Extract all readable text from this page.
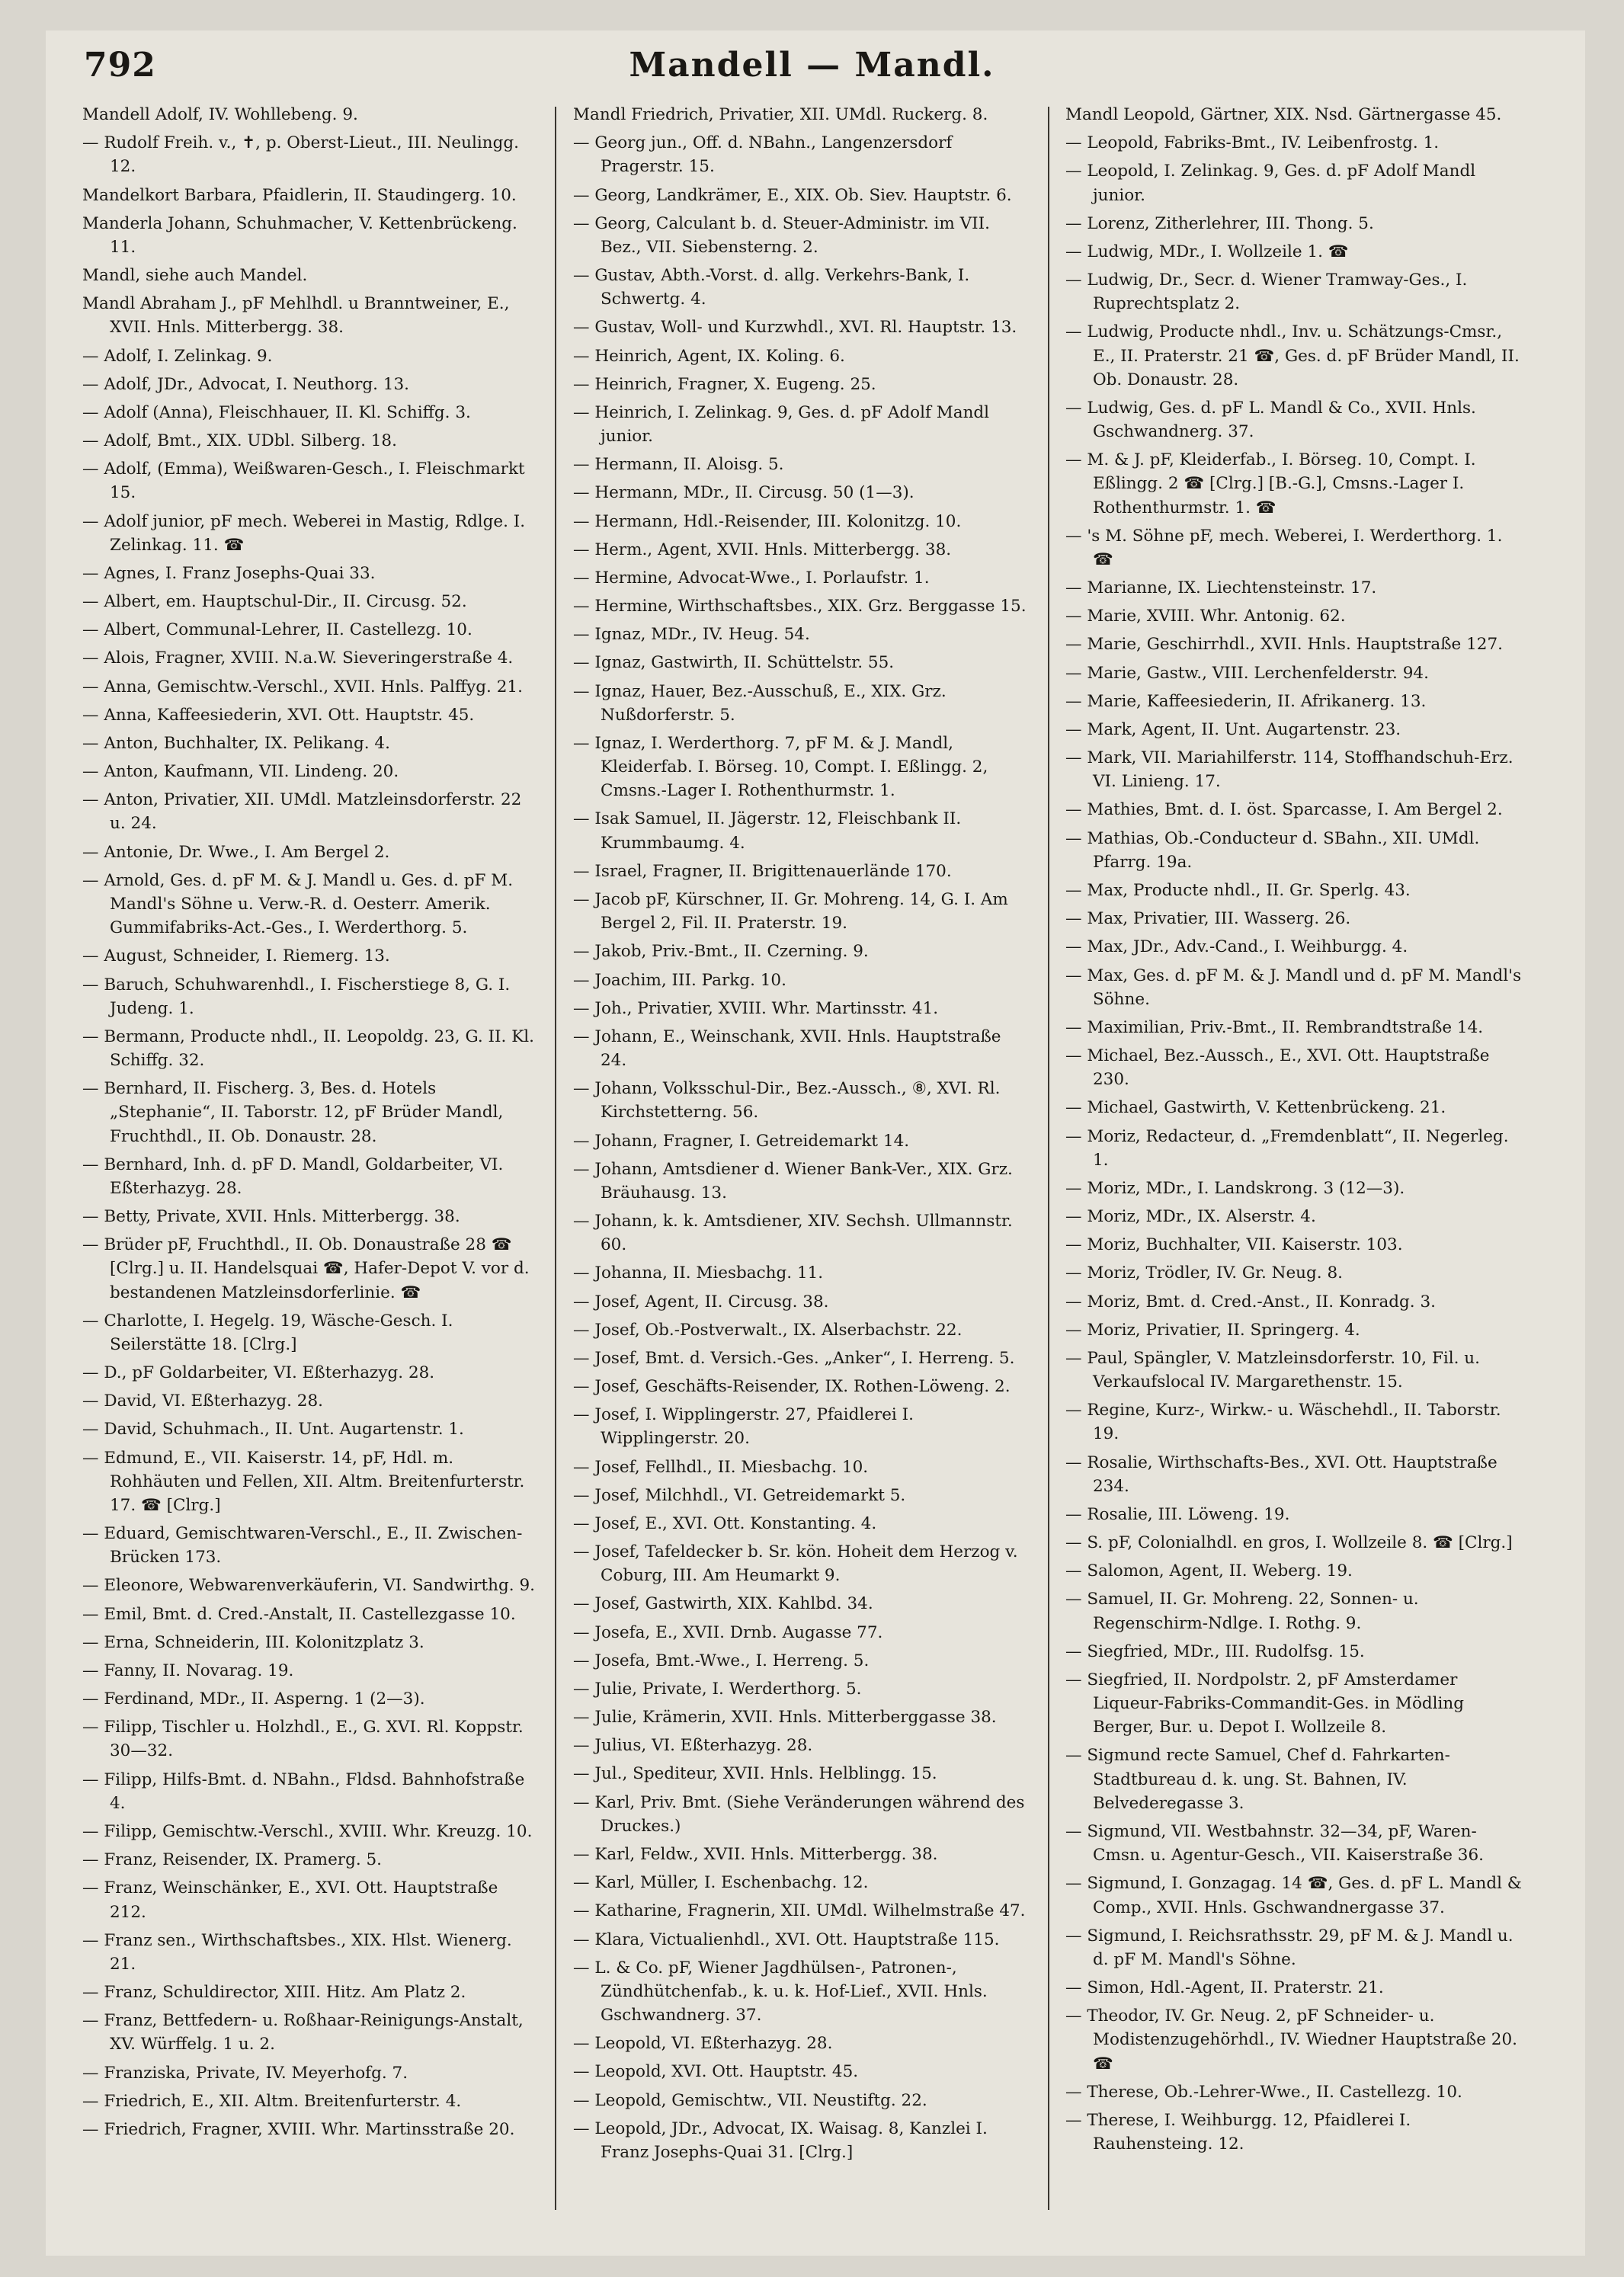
792	Mandell — Mandl.

Mandell Adolf, IV. Wohllebeng. 9.

— Rudolf Freih. v., ✝, p. Oberst-Lieut., III. Neulingg. 12.

Mandelkort Barbara, Pfaidlerin, II. Staudingerg. 10.

Manderla Johann, Schuhmacher, V. Kettenbrückeng. 11.

Mandl, siehe auch Mandel.

Mandl Abraham J., pF Mehlhdl. u Branntweiner, E., XVII. Hnls. Mitterbergg. 38.

— Adolf, I. Zelinkag. 9.

— Adolf, JDr., Advocat, I. Neuthorg. 13.

— Adolf (Anna), Fleischhauer, II. Kl. Schiffg. 3.

— Adolf, Bmt., XIX. UDbl. Silberg. 18.

— Adolf, (Emma), Weißwaren-Gesch., I. Fleischmarkt 15.

— Adolf junior, pF mech. Weberei in Mastig, Rdlge. I. Zelinkag. 11. ☎

— Agnes, I. Franz Josephs-Quai 33.

— Albert, em. Hauptschul-Dir., II. Circusg. 52.

— Albert, Communal-Lehrer, II. Castellezg. 10.

— Alois, Fragner, XVIII. N.a.W. Sieveringerstraße 4.

— Anna, Gemischtw.-Verschl., XVII. Hnls. Palffyg. 21.

— Anna, Kaffeesiederin, XVI. Ott. Hauptstr. 45.

— Anton, Buchhalter, IX. Pelikang. 4.

— Anton, Kaufmann, VII. Lindeng. 20.

— Anton, Privatier, XII. UMdl. Matzleinsdorferstr. 22 u. 24.

— Antonie, Dr. Wwe., I. Am Bergel 2.

— Arnold, Ges. d. pF M. & J. Mandl u. Ges. d. pF M. Mandl's Söhne u. Verw.-R. d. Oesterr. Amerik. Gummifabriks-Act.-Ges., I. Werderthorg. 5.

— August, Schneider, I. Riemerg. 13.

— Baruch, Schuhwarenhdl., I. Fischerstiege 8, G. I. Judeng. 1.

— Bermann, Producte nhdl., II. Leopoldg. 23, G. II. Kl. Schiffg. 32.

— Bernhard, II. Fischerg. 3, Bes. d. Hotels „Stephanie“, II. Taborstr. 12, pF Brüder Mandl, Fruchthdl., II. Ob. Donaustr. 28.

— Bernhard, Inh. d. pF D. Mandl, Goldarbeiter, VI. Eßterhazyg. 28.

— Betty, Private, XVII. Hnls. Mitterbergg. 38.

— Brüder pF, Fruchthdl., II. Ob. Donaustraße 28 ☎ [Clrg.] u. II. Handelsquai ☎, Hafer-Depot V. vor d. bestandenen Matzleinsdorferlinie. ☎

— Charlotte, I. Hegelg. 19, Wäsche-Gesch. I. Seilerstätte 18. [Clrg.]

— D., pF Goldarbeiter, VI. Eßterhazyg. 28.

— David, VI. Eßterhazyg. 28.

— David, Schuhmach., II. Unt. Augartenstr. 1.

— Edmund, E., VII. Kaiserstr. 14, pF, Hdl. m. Rohhäuten und Fellen, XII. Altm. Breitenfurterstr. 17. ☎ [Clrg.]

— Eduard, Gemischtwaren-Verschl., E., II. Zwischen-Brücken 173.

— Eleonore, Webwarenverkäuferin, VI. Sandwirthg. 9.

— Emil, Bmt. d. Cred.-Anstalt, II. Castellezgasse 10.

— Erna, Schneiderin, III. Kolonitzplatz 3.

— Fanny, II. Novarag. 19.

— Ferdinand, MDr., II. Asperng. 1 (2—3).

— Filipp, Tischler u. Holzhdl., E., G. XVI. Rl. Koppstr. 30—32.

— Filipp, Hilfs-Bmt. d. NBahn., Fldsd. Bahnhofstraße 4.

— Filipp, Gemischtw.-Verschl., XVIII. Whr. Kreuzg. 10.

— Franz, Reisender, IX. Pramerg. 5.

— Franz, Weinschänker, E., XVI. Ott. Hauptstraße 212.

— Franz sen., Wirthschaftsbes., XIX. Hlst. Wienerg. 21.

— Franz, Schuldirector, XIII. Hitz. Am Platz 2.

— Franz, Bettfedern- u. Roßhaar-Reinigungs-Anstalt, XV. Würffelg. 1 u. 2.

— Franziska, Private, IV. Meyerhofg. 7.

— Friedrich, E., XII. Altm. Breitenfurterstr. 4.

— Friedrich, Fragner, XVIII. Whr. Martinsstraße 20.

Mandl Friedrich, Privatier, XII. UMdl. Ruckerg. 8.

— Georg jun., Off. d. NBahn., Langenzersdorf Pragerstr. 15.

— Georg, Landkrämer, E., XIX. Ob. Siev. Hauptstr. 6.

— Georg, Calculant b. d. Steuer-Administr. im VII. Bez., VII. Siebensterng. 2.

— Gustav, Abth.-Vorst. d. allg. Verkehrs-Bank, I. Schwertg. 4.

— Gustav, Woll- und Kurzwhdl., XVI. Rl. Hauptstr. 13.

— Heinrich, Agent, IX. Koling. 6.

— Heinrich, Fragner, X. Eugeng. 25.

— Heinrich, I. Zelinkag. 9, Ges. d. pF Adolf Mandl junior.

— Hermann, II. Aloisg. 5.

— Hermann, MDr., II. Circusg. 50 (1—3).

— Hermann, Hdl.-Reisender, III. Kolonitzg. 10.

— Herm., Agent, XVII. Hnls. Mitterbergg. 38.

— Hermine, Advocat-Wwe., I. Porlaufstr. 1.

— Hermine, Wirthschaftsbes., XIX. Grz. Berggasse 15.

— Ignaz, MDr., IV. Heug. 54.

— Ignaz, Gastwirth, II. Schüttelstr. 55.

— Ignaz, Hauer, Bez.-Ausschuß, E., XIX. Grz. Nußdorferstr. 5.

— Ignaz, I. Werderthorg. 7, pF M. & J. Mandl, Kleiderfab. I. Börseg. 10, Compt. I. Eßlingg. 2, Cmsns.-Lager I. Rothenthurmstr. 1.

— Isak Samuel, II. Jägerstr. 12, Fleischbank II. Krummbaumg. 4.

— Israel, Fragner, II. Brigittenauerlände 170.

— Jacob pF, Kürschner, II. Gr. Mohreng. 14, G. I. Am Bergel 2, Fil. II. Praterstr. 19.

— Jakob, Priv.-Bmt., II. Czerning. 9.

— Joachim, III. Parkg. 10.

— Joh., Privatier, XVIII. Whr. Martinsstr. 41.

— Johann, E., Weinschank, XVII. Hnls. Hauptstraße 24.

— Johann, Volksschul-Dir., Bez.-Aussch., ⑧, XVI. Rl. Kirchstetterng. 56.

— Johann, Fragner, I. Getreidemarkt 14.

— Johann, Amtsdiener d. Wiener Bank-Ver., XIX. Grz. Bräuhausg. 13.

— Johann, k. k. Amtsdiener, XIV. Sechsh. Ullmannstr. 60.

— Johanna, II. Miesbachg. 11.

— Josef, Agent, II. Circusg. 38.

— Josef, Ob.-Postverwalt., IX. Alserbachstr. 22.

— Josef, Bmt. d. Versich.-Ges. „Anker“, I. Herreng. 5.

— Josef, Geschäfts-Reisender, IX. Rothen-Löweng. 2.

— Josef, I. Wipplingerstr. 27, Pfaidlerei I. Wipplingerstr. 20.

— Josef, Fellhdl., II. Miesbachg. 10.

— Josef, Milchhdl., VI. Getreidemarkt 5.

— Josef, E., XVI. Ott. Konstanting. 4.

— Josef, Tafeldecker b. Sr. kön. Hoheit dem Herzog v. Coburg, III. Am Heumarkt 9.

— Josef, Gastwirth, XIX. Kahlbd. 34.

— Josefa, E., XVII. Drnb. Augasse 77.

— Josefa, Bmt.-Wwe., I. Herreng. 5.

— Julie, Private, I. Werderthorg. 5.

— Julie, Krämerin, XVII. Hnls. Mitterberggasse 38.

— Julius, VI. Eßterhazyg. 28.

— Jul., Spediteur, XVII. Hnls. Helblingg. 15.

— Karl, Priv. Bmt. (Siehe Veränderungen während des Druckes.)

— Karl, Feldw., XVII. Hnls. Mitterbergg. 38.

— Karl, Müller, I. Eschenbachg. 12.

— Katharine, Fragnerin, XII. UMdl. Wilhelmstraße 47.

— Klara, Victualienhdl., XVI. Ott. Hauptstraße 115.

— L. & Co. pF, Wiener Jagdhülsen-, Patronen-, Zündhütchenfab., k. u. k. Hof-Lief., XVII. Hnls. Gschwandnerg. 37.

— Leopold, VI. Eßterhazyg. 28.

— Leopold, XVI. Ott. Hauptstr. 45.

— Leopold, Gemischtw., VII. Neustiftg. 22.

— Leopold, JDr., Advocat, IX. Waisag. 8, Kanzlei I. Franz Josephs-Quai 31. [Clrg.]

Mandl Leopold, Gärtner, XIX. Nsd. Gärtnergasse 45.

— Leopold, Fabriks-Bmt., IV. Leibenfrostg. 1.

— Leopold, I. Zelinkag. 9, Ges. d. pF Adolf Mandl junior.

— Lorenz, Zitherlehrer, III. Thong. 5.

— Ludwig, MDr., I. Wollzeile 1. ☎

— Ludwig, Dr., Secr. d. Wiener Tramway-Ges., I. Ruprechtsplatz 2.

— Ludwig, Producte nhdl., Inv. u. Schätzungs-Cmsr., E., II. Praterstr. 21 ☎, Ges. d. pF Brüder Mandl, II. Ob. Donaustr. 28.

— Ludwig, Ges. d. pF L. Mandl & Co., XVII. Hnls. Gschwandnerg. 37.

— M. & J. pF, Kleiderfab., I. Börseg. 10, Compt. I. Eßlingg. 2 ☎ [Clrg.] [B.-G.], Cmsns.-Lager I. Rothenthurmstr. 1. ☎

— 's M. Söhne pF, mech. Weberei, I. Werderthorg. 1. ☎

— Marianne, IX. Liechtensteinstr. 17.

— Marie, XVIII. Whr. Antonig. 62.

— Marie, Geschirrhdl., XVII. Hnls. Hauptstraße 127.

— Marie, Gastw., VIII. Lerchenfelderstr. 94.

— Marie, Kaffeesiederin, II. Afrikanerg. 13.

— Mark, Agent, II. Unt. Augartenstr. 23.

— Mark, VII. Mariahilferstr. 114, Stoffhandschuh-Erz. VI. Linieng. 17.

— Mathies, Bmt. d. I. öst. Sparcasse, I. Am Bergel 2.

— Mathias, Ob.-Conducteur d. SBahn., XII. UMdl. Pfarrg. 19a.

— Max, Producte nhdl., II. Gr. Sperlg. 43.

— Max, Privatier, III. Wasserg. 26.

— Max, JDr., Adv.-Cand., I. Weihburgg. 4.

— Max, Ges. d. pF M. & J. Mandl und d. pF M. Mandl's Söhne.

— Maximilian, Priv.-Bmt., II. Rembrandtstraße 14.

— Michael, Bez.-Aussch., E., XVI. Ott. Hauptstraße 230.

— Michael, Gastwirth, V. Kettenbrückeng. 21.

— Moriz, Redacteur, d. „Fremdenblatt“, II. Negerleg. 1.

— Moriz, MDr., I. Landskrong. 3 (12—3).

— Moriz, MDr., IX. Alserstr. 4.

— Moriz, Buchhalter, VII. Kaiserstr. 103.

— Moriz, Trödler, IV. Gr. Neug. 8.

— Moriz, Bmt. d. Cred.-Anst., II. Konradg. 3.

— Moriz, Privatier, II. Springerg. 4.

— Paul, Spängler, V. Matzleinsdorferstr. 10, Fil. u. Verkaufslocal IV. Margarethenstr. 15.

— Regine, Kurz-, Wirkw.- u. Wäschehdl., II. Taborstr. 19.

— Rosalie, Wirthschafts-Bes., XVI. Ott. Hauptstraße 234.

— Rosalie, III. Löweng. 19.

— S. pF, Colonialhdl. en gros, I. Wollzeile 8. ☎ [Clrg.]

— Salomon, Agent, II. Weberg. 19.

— Samuel, II. Gr. Mohreng. 22, Sonnen- u. Regenschirm-Ndlge. I. Rothg. 9.

— Siegfried, MDr., III. Rudolfsg. 15.

— Siegfried, II. Nordpolstr. 2, pF Amsterdamer Liqueur-Fabriks-Commandit-Ges. in Mödling Berger, Bur. u. Depot I. Wollzeile 8.

— Sigmund recte Samuel, Chef d. Fahrkarten-Stadtbureau d. k. ung. St. Bahnen, IV. Belvederegasse 3.

— Sigmund, VII. Westbahnstr. 32—34, pF, Waren-Cmsn. u. Agentur-Gesch., VII. Kaiserstraße 36.

— Sigmund, I. Gonzagag. 14 ☎, Ges. d. pF L. Mandl & Comp., XVII. Hnls. Gschwandnergasse 37.

— Sigmund, I. Reichsrathsstr. 29, pF M. & J. Mandl u. d. pF M. Mandl's Söhne.

— Simon, Hdl.-Agent, II. Praterstr. 21.

— Theodor, IV. Gr. Neug. 2, pF Schneider- u. Modistenzugehörhdl., IV. Wiedner Hauptstraße 20. ☎

— Therese, Ob.-Lehrer-Wwe., II. Castellezg. 10.

— Therese, I. Weihburgg. 12, Pfaidlerei I. Rauhensteing. 12.
